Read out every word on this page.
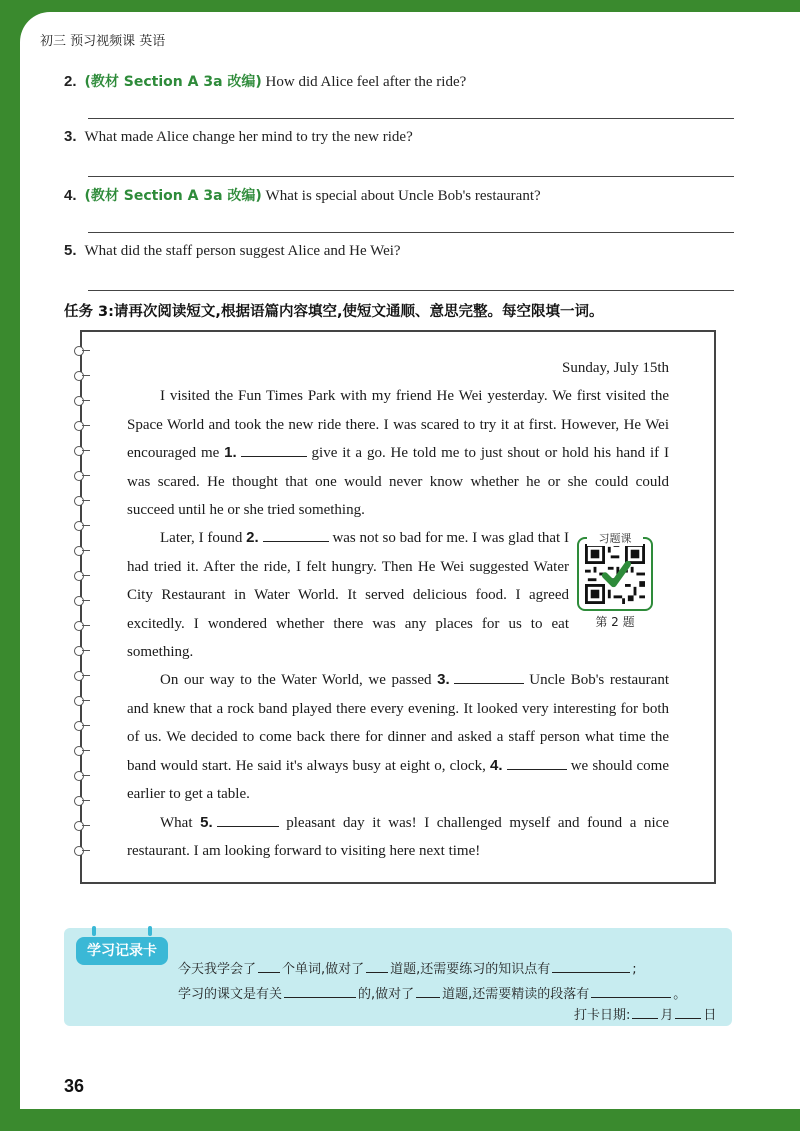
初三 预习视频课 英语
2. (教材 Section A 3a 改编) How did Alice feel after the ride?
3. What made Alice change her mind to try the new ride?
4. (教材 Section A 3a 改编) What is special about Uncle Bob's restaurant?
5. What did the staff person suggest Alice and He Wei?
任务 3:请再次阅读短文,根据语篇内容填空,使短文通顺、意思完整。每空限填一词。

Sunday, July 15th

I visited the Fun Times Park with my friend He Wei yesterday. We first visited the Space World and took the new ride there. I was scared to try it at first. However, He Wei encouraged me 1.	give it a go. He told me to just shout or hold his hand if I was scared. He thought that one would never know whether he or she could could succeed until he or she tried something.

Later, I found 2.	was not so bad for me. I was glad that I had tried it. After the ride, I felt hungry. Then He Wei suggested Water City Restaurant in Water World. It served delicious food. I agreed excitedly. I wondered whether there was any places for us to eat something.

On our way to the Water World, we passed 3.	Uncle Bob's restaurant and knew that a rock band played there every evening. It looked very interesting for both of us. We decided to come back there for dinner and asked a staff person what time the band would start. He said it's always busy at eight o, clock, 4.	we should come earlier to get a table.

What 5.	pleasant day it was! I challenged myself and found a nice restaurant. I am looking forward to visiting here next time!

习题课
第 2 题
学习记录卡
今天我学会了 个单词,做对了 道题,还需要练习的知识点有	;
学习的课文是有关	的,做对了 道题,还需要精读的段落有	。
打卡日期: 月 日
36
